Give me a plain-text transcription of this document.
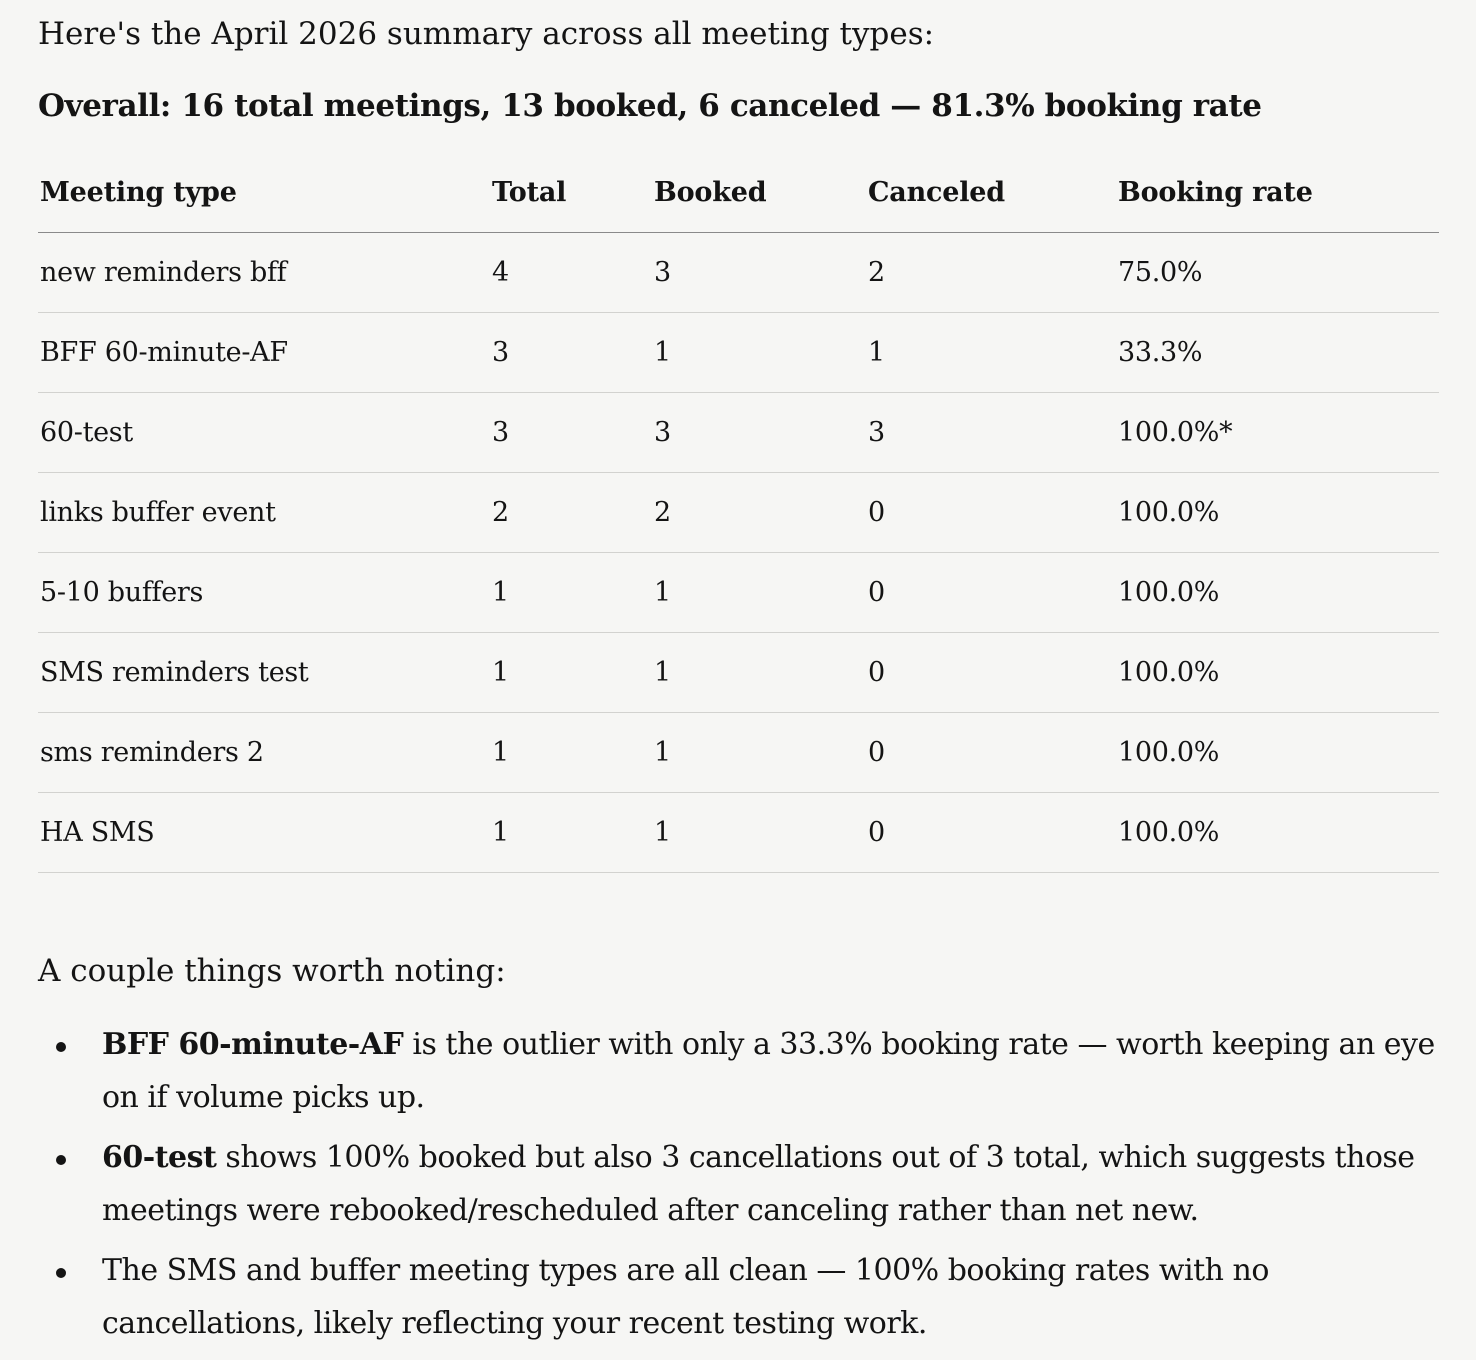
Here's the April 2026 summary across all meeting types:
Overall: 16 total meetings, 13 booked, 6 canceled — 81.3% booking rate
Meeting type	Total	Booked	Canceled	Booking rate
new reminders bff	4	3	2	75.0%
BFF 60-minute-AF	3	1	1	33.3%
60-test	3	3	3	100.0%*
links buffer event	2	2	0	100.0%
5-10 buffers	1	1	0	100.0%
SMS reminders test	1	1	0	100.0%
sms reminders 2	1	1	0	100.0%
HA SMS	1	1	0	100.0%
A couple things worth noting:
BFF 60-minute-AF is the outlier with only a 33.3% booking rate — worth keeping an eye on if volume picks up.
60-test shows 100% booked but also 3 cancellations out of 3 total, which suggests those meetings were rebooked/rescheduled after canceling rather than net new.
The SMS and buffer meeting types are all clean — 100% booking rates with no cancellations, likely reflecting your recent testing work.
